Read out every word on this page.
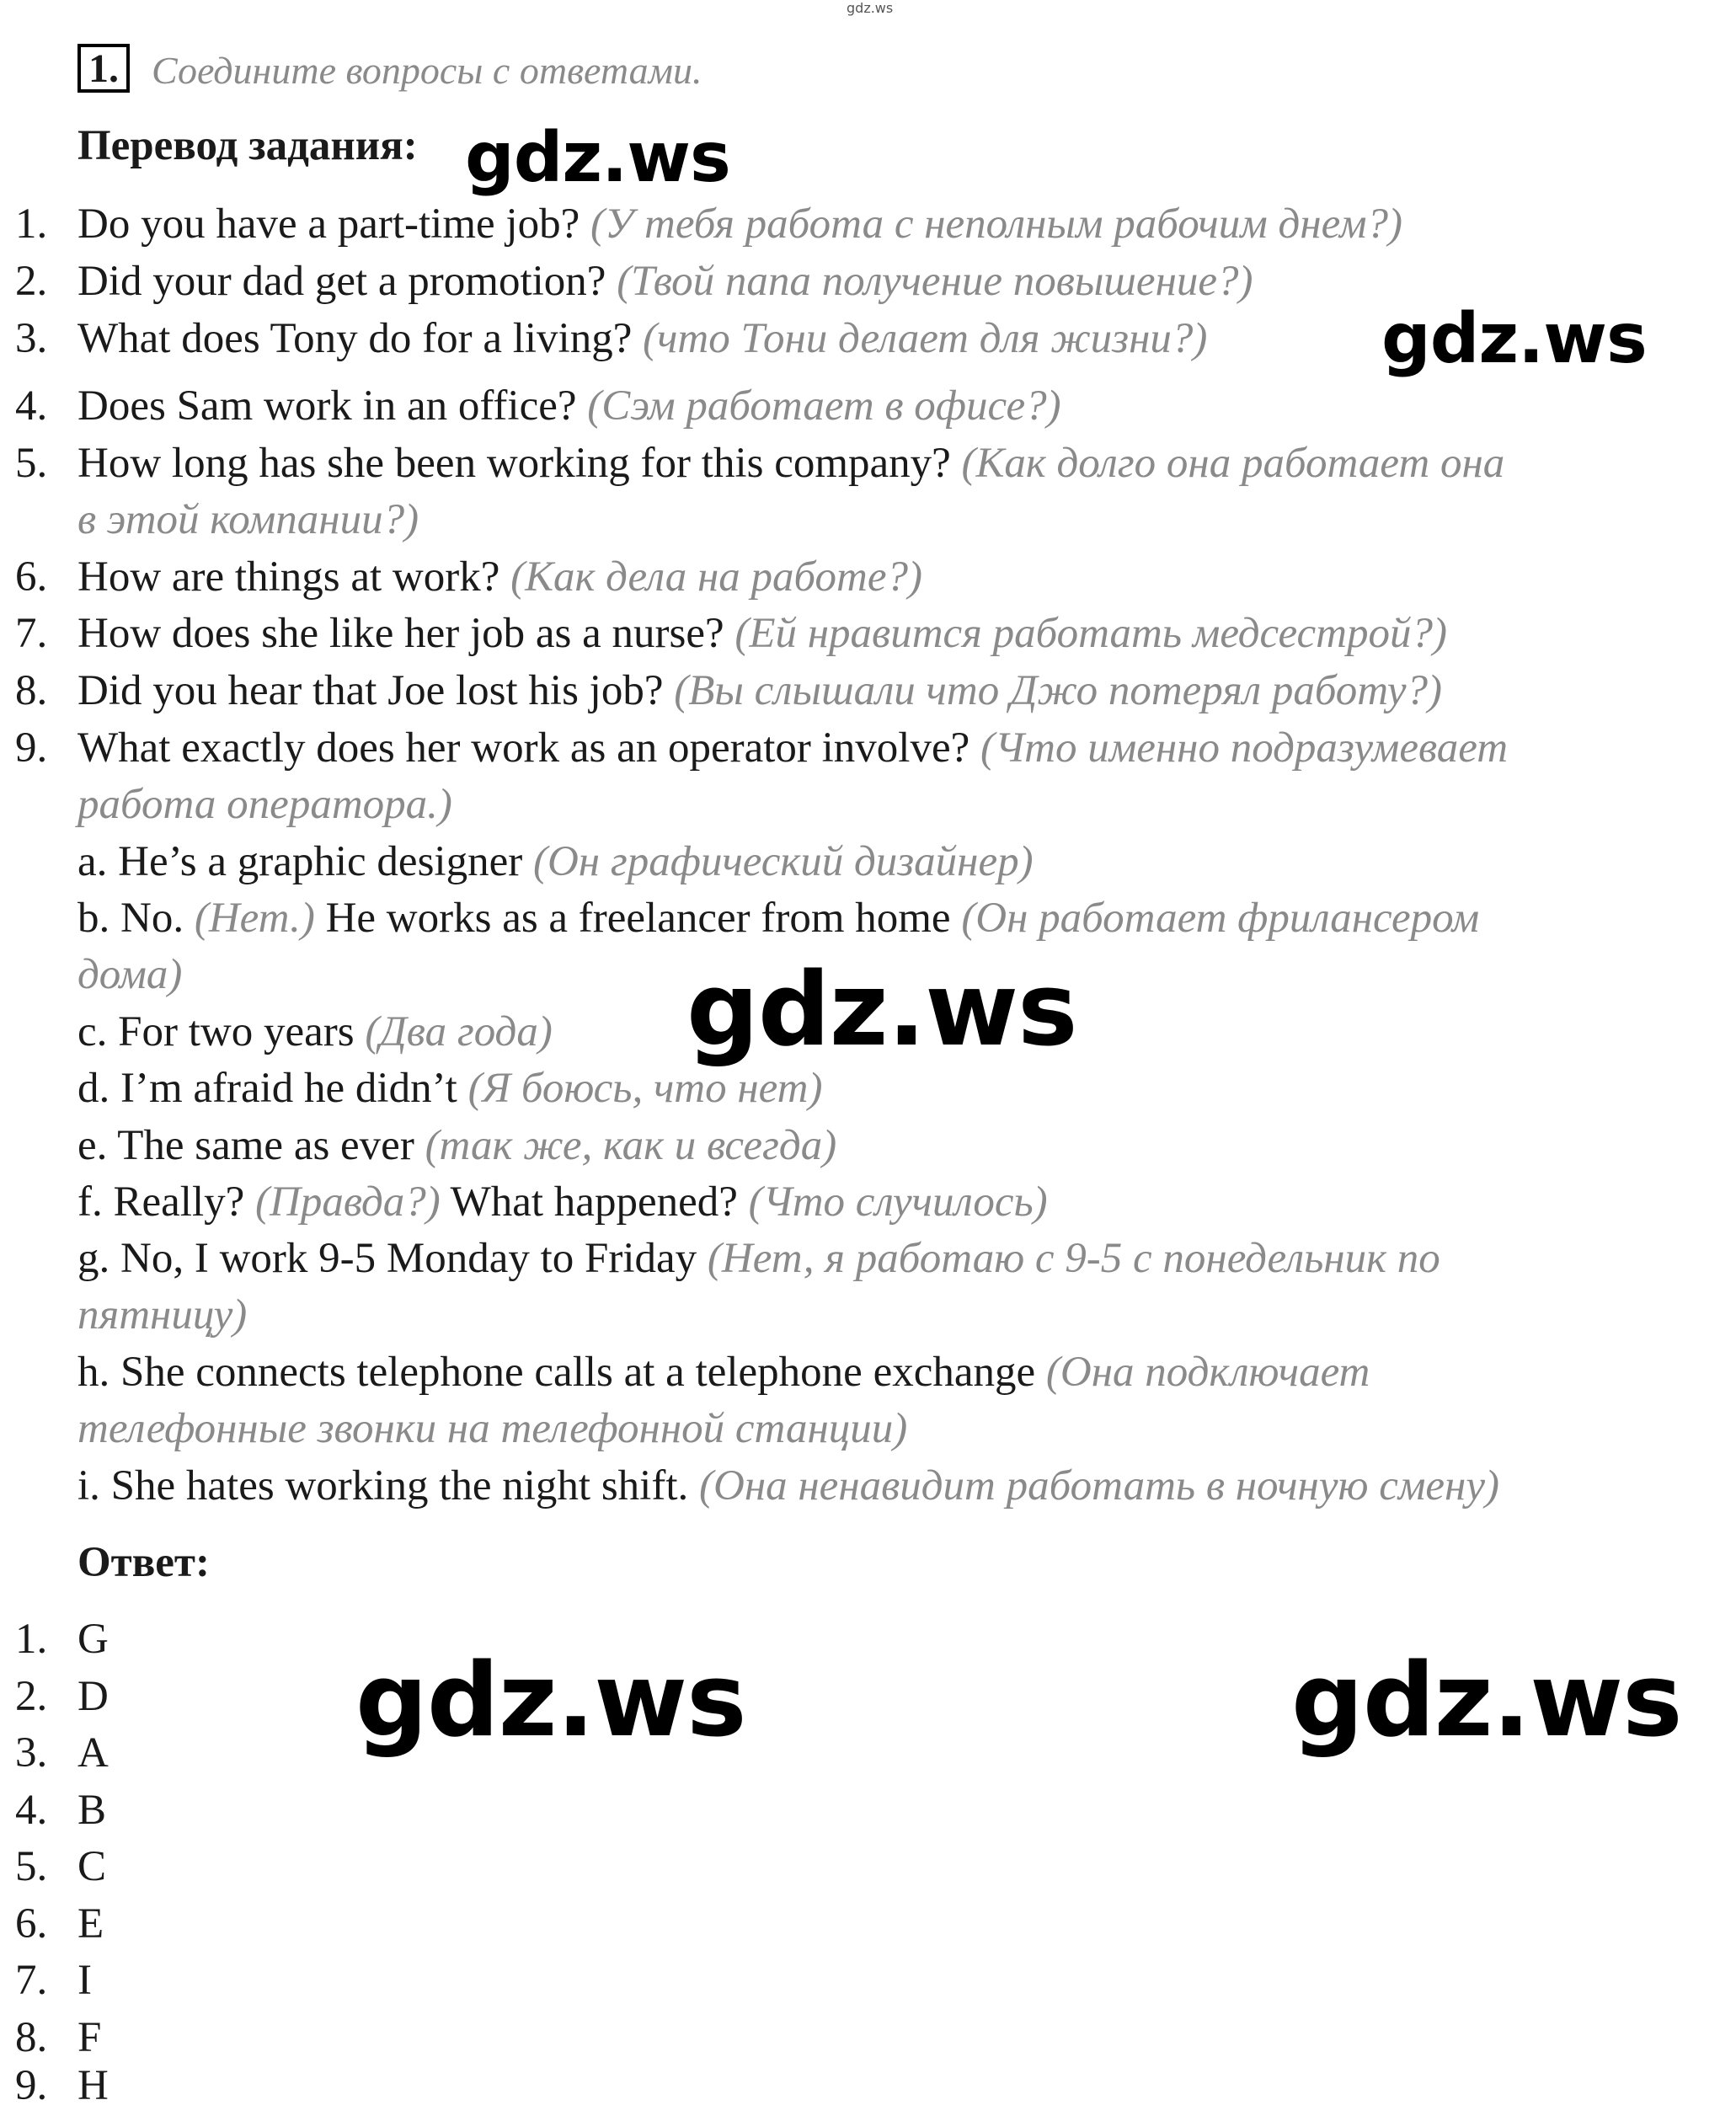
gdz.ws
1. Соедините вопросы с ответами.
Перевод задания:
1. Do you have a part-time job? (У тебя работа с неполным рабочим днем?)
2. Did your dad get a promotion? (Твой папа получение повышение?)
3. What does Tony do for a living? (что Тони делает для жизни?)
4. Does Sam work in an office? (Сэм работает в офисе?)
5. How long has she been working for this company? (Как долго она работает она
в этой компании?)
6. How are things at work? (Как дела на работе?)
7. How does she like her job as a nurse? (Ей нравится работать медсестрой?)
8. Did you hear that Joe lost his job? (Вы слышали что Джо потерял работу?)
9. What exactly does her work as an operator involve? (Что именно подразумевает
работа оператора.)
a. He’s a graphic designer (Он графический дизайнер)
b. No. (Нет.) He works as a freelancer from home (Он работает фрилансером
дома)
c. For two years (Два года)
d. I’m afraid he didn’t (Я боюсь, что нет)
e. The same as ever (так же, как и всегда)
f. Really? (Правда?) What happened? (Что случилось)
g. No, I work 9-5 Monday to Friday (Нет, я работаю с 9-5 с понедельник по
пятницу)
h. She connects telephone calls at a telephone exchange (Она подключает
телефонные звонки на телефонной станции)
i. She hates working the night shift. (Она ненавидит работать в ночную смену)
Ответ:
1. G
2. D
3. A
4. B
5. C
6. E
7. I
8. F
9. H
gdz.ws
gdz.ws
gdz.ws
gdz.ws	gdz.ws
